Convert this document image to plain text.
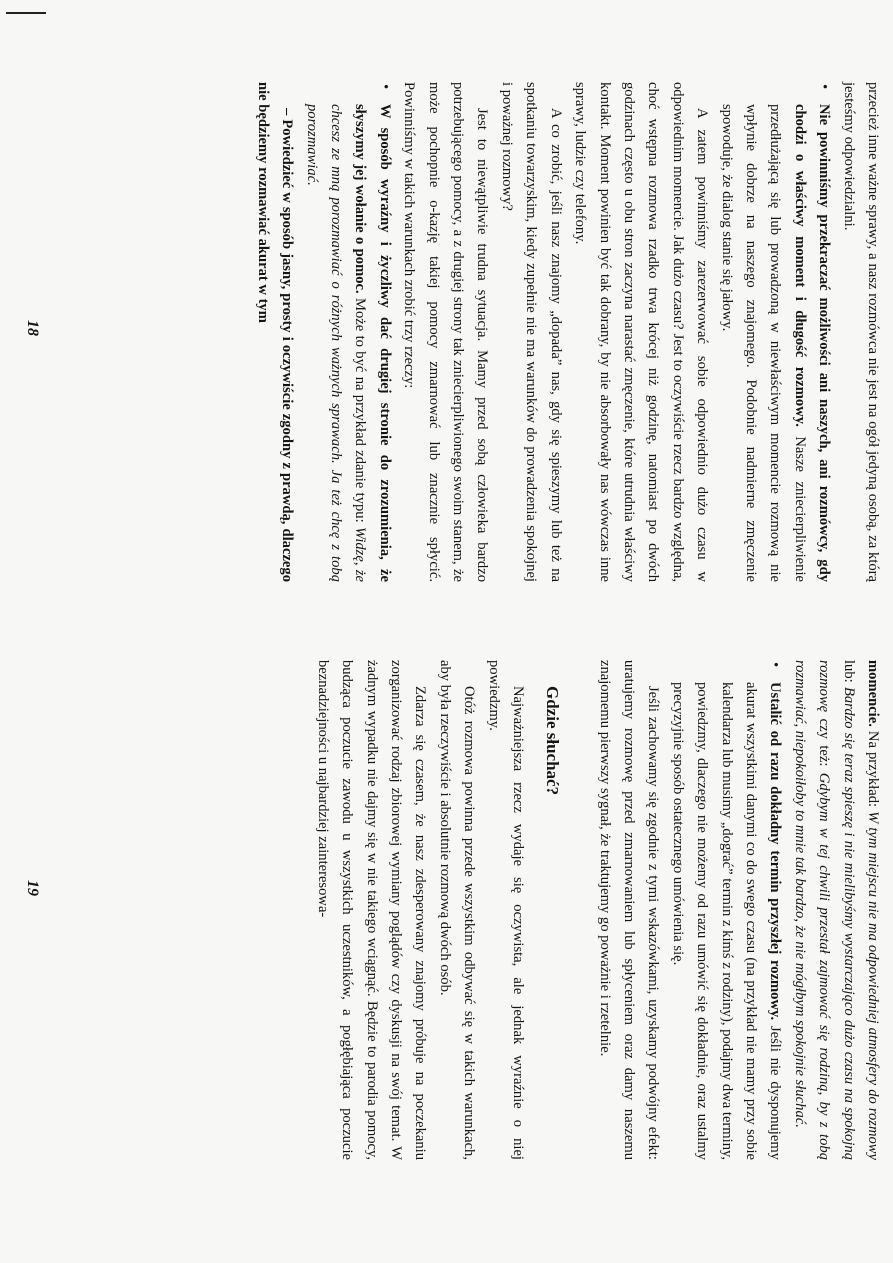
przecież inne ważne sprawy, a nasz rozmówca nie jest na ogół jedyną osobą, za którą jesteśmy odpowiedzialni.

• Nie powinniśmy przekraczać możliwości ani naszych, ani rozmówcy, gdy chodzi o właściwy moment i długość rozmowy. Nasze zniecierpliwienie przedłużającą się lub prowadzoną w niewłaściwym momencie rozmową nie wpłynie dobrze na naszego znajomego. Podobnie nadmierne zmęczenie spowoduje, że dialog stanie się jałowy.

A zatem powinniśmy zarezerwować sobie odpowiednio dużo czasu w odpowiednim momencie. Jak dużo czasu? Jest to oczywiście rzecz bardzo względna, choć wstępna rozmowa rzadko trwa krócej niż godzinę, natomiast po dwóch godzinach często u obu stron zaczyna narastać zmęczenie, które utrudnia właściwy kontakt. Moment powinien być tak dobrany, by nie absorbowały nas wówczas inne sprawy, ludzie czy telefony.

A co zrobić, jeśli nasz znajomy „dopada” nas, gdy się spieszymy lub też na spotkaniu towarzyskim, kiedy zupełnie nie ma warunków do prowadzenia spokojnej i poważnej rozmowy?

Jest to niewątpliwie trudna sytuacja. Mamy przed sobą człowieka bardzo potrzebującego pomocy, a z drugiej strony tak zniecierpliwionego swoim stanem, że może pochopnie o-kazję takiej pomocy zmarnować lub znacznie spłycić. Powinniśmy w takich warunkach zrobić trzy rzeczy:

• W sposób wyraźny i życzliwy dać drugiej stronie do zrozumienia, że słyszymy jej wołanie o pomoc. Może to być na przykład zdanie typu: Widzę, że chcesz ze mną porozmawiać o różnych ważnych sprawach. Ja też chcę z tobą porozmawiać.

– Powiedzieć w sposób jasny, prosty i oczywiście zgodny z prawdą, dlaczego nie będziemy rozmawiać akurat w tym

18

momencie. Na przykład: W tym miejscu nie ma odpowiedniej atmosfery do rozmowy lub: Bardzo się teraz spieszę i nie mielibyśmy wystarczająco dużo czasu na spokojną rozmowę czy też: Gdybym w tej chwili przestał zajmować się rodziną, by z tobą rozmawiać, niepokoiłoby to mnie tak bardzo, że nie mógłbym spokojnie słuchać.

• Ustalić od razu dokładny termin przyszłej rozmowy. Jeśli nie dysponujemy akurat wszystkimi danymi co do swego czasu (na przykład nie mamy przy sobie kalendarza lub musimy „dograć” termin z kimś z rodziny), podajmy dwa terminy, powiedzmy, dlaczego nie możemy od razu umówić się dokładnie, oraz ustalmy precyzyjnie sposób ostatecznego umówienia się.

Jeśli zachowamy się zgodnie z tymi wskazówkami, uzyskamy podwójny efekt: uratujemy rozmowę przed zmarnowaniem lub spłyceniem oraz damy naszemu znajomemu pierwszy sygnał, że traktujemy go poważnie i rzetelnie.

Gdzie słuchać?

Najważniejsza rzecz wydaje się oczywista, ale jednak wyraźnie o niej powiedzmy.

Otóż rozmowa powinna przede wszystkim odbywać się w takich warunkach, aby była rzeczywiście i absolutnie rozmową dwóch osób.

Zdarza się czasem, że nasz zdesperowany znajomy próbuje na poczekaniu zorganizować rodzaj zbiorowej wymiany poglądów czy dyskusji na swój temat. W żadnym wypadku nie dajmy się w nie takiego wciągnąć. Będzie to parodia pomocy, budząca poczucie zawodu u wszystkich uczestników, a pogłębiająca poczucie beznadziejności u najbardziej zainteresowa-

19
